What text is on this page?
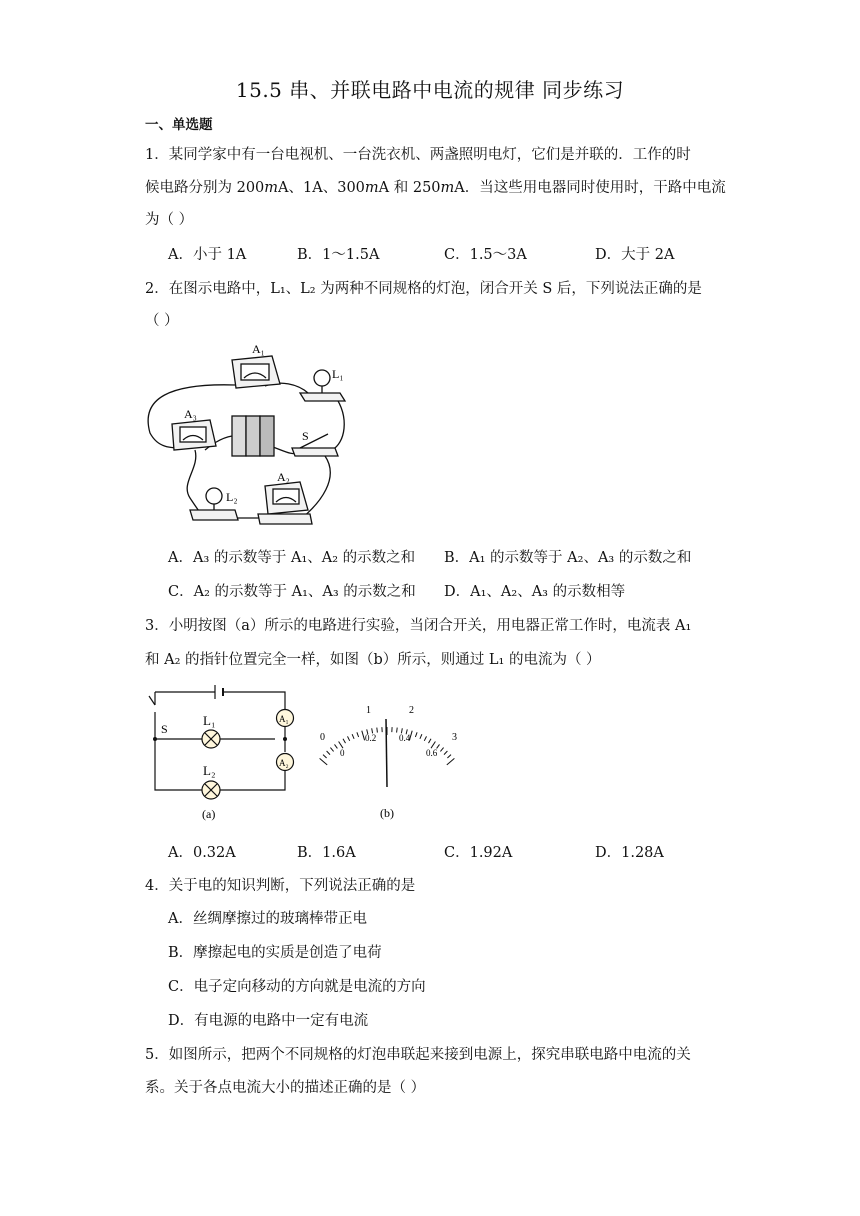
15.5 串、并联电路中电流的规律 同步练习
一、单选题
1．某同学家中有一台电视机、一台洗衣机、两盏照明电灯，它们是并联的．工作的时
候电路分别为 200mA、1A、300mA 和 250mA．当这些用电器同时使用时，干路中电流
为（ ）
A．小于 1A	B．1～1.5A	C．1.5～3A	D．大于 2A
2．在图示电路中，L₁、L₂ 为两种不同规格的灯泡，闭合开关 S 后，下列说法正确的是
（ ）
A₁
L₁
A₃
S
L₂
A₂
A．A₃ 的示数等于 A₁、A₂ 的示数之和 B．A₁ 的示数等于 A₂、A₃ 的示数之和
C．A₂ 的示数等于 A₁、A₃ 的示数之和 D．A₁、A₂、A₃ 的示数相等
3．小明按图（a）所示的电路进行实验，当闭合开关，用电器正常工作时，电流表 A₁
和 A₂ 的指针位置完全一样，如图（b）所示，则通过 L₁ 的电流为（ ）
S
L₁
L₂
A₁
A₂
(a)
0
1	2
3
0
0.2	0.4
0.6
(b)
A．0.32A	B．1.6A	C．1.92A	D．1.28A
4．关于电的知识判断，下列说法正确的是
A．丝绸摩擦过的玻璃棒带正电
B．摩擦起电的实质是创造了电荷
C．电子定向移动的方向就是电流的方向
D．有电源的电路中一定有电流
5．如图所示，把两个不同规格的灯泡串联起来接到电源上，探究串联电路中电流的关
系。关于各点电流大小的描述正确的是（ ）
